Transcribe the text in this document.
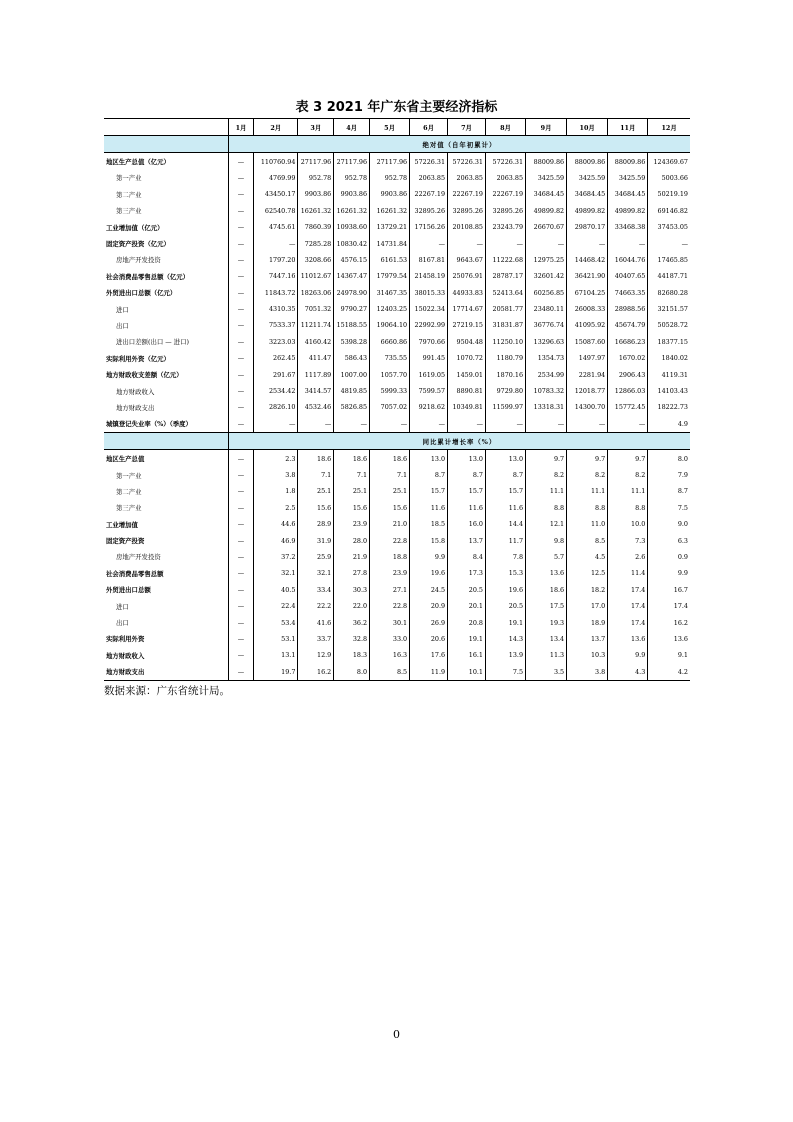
表 3 2021 年广东省主要经济指标
	1月	2月	3月	4月	5月	6月	7月	8月	9月	10月	11月	12月
	绝对值（自年初累计）											
地区生产总值（亿元）	—	110760.94	27117.96	27117.96	27117.96	57226.31	57226.31	57226.31	88009.86	88009.86	88009.86	124369.67
第一产业	—	4769.99	952.78	952.78	952.78	2063.85	2063.85	2063.85	3425.59	3425.59	3425.59	5003.66
第二产业	—	43450.17	9903.86	9903.86	9903.86	22267.19	22267.19	22267.19	34684.45	34684.45	34684.45	50219.19
第三产业	—	62540.78	16261.32	16261.32	16261.32	32895.26	32895.26	32895.26	49899.82	49899.82	49899.82	69146.82
工业增加值（亿元）	—	4745.61	7860.39	10938.60	13729.21	17156.26	20108.85	23243.79	26670.67	29870.17	33468.38	37453.05
固定资产投资（亿元）	—	—	7285.28	10830.42	14731.84	—	—	—	—	—	—	—
房地产开发投资	—	1797.20	3208.66	4576.15	6161.53	8167.81	9643.67	11222.68	12975.25	14468.42	16044.76	17465.85
社会消费品零售总额（亿元）	—	7447.16	11012.67	14367.47	17979.54	21458.19	25076.91	28787.17	32601.42	36421.90	40407.65	44187.71
外贸进出口总额（亿元）	—	11843.72	18263.06	24978.90	31467.35	38015.33	44933.83	52413.64	60256.85	67104.25	74663.35	82680.28
进口	—	4310.35	7051.32	9790.27	12403.25	15022.34	17714.67	20581.77	23480.11	26008.33	28988.56	32151.57
出口	—	7533.37	11211.74	15188.55	19064.10	22992.99	27219.15	31831.87	36776.74	41095.92	45674.79	50528.72
进出口差额(出口 — 进口)	—	3223.03	4160.42	5398.28	6660.86	7970.66	9504.48	11250.10	13296.63	15087.60	16686.23	18377.15
实际利用外资（亿元）	—	262.45	411.47	586.43	735.55	991.45	1070.72	1180.79	1354.73	1497.97	1670.02	1840.02
地方财政收支差额（亿元）	—	291.67	1117.89	1007.00	1057.70	1619.05	1459.01	1870.16	2534.99	2281.94	2906.43	4119.31
地方财政收入	—	2534.42	3414.57	4819.85	5999.33	7599.57	8890.81	9729.80	10783.32	12018.77	12866.03	14103.43
地方财政支出	—	2826.10	4532.46	5826.85	7057.02	9218.62	10349.81	11599.97	13318.31	14300.70	15772.45	18222.73
城镇登记失业率（%）（季度）	—	—	—	—	—	—	—	—	—	—	—	4.9
	同比累计增长率（%）											
地区生产总值	—	2.3	18.6	18.6	18.6	13.0	13.0	13.0	9.7	9.7	9.7	8.0
第一产业	—	3.8	7.1	7.1	7.1	8.7	8.7	8.7	8.2	8.2	8.2	7.9
第二产业	—	1.8	25.1	25.1	25.1	15.7	15.7	15.7	11.1	11.1	11.1	8.7
第三产业	—	2.5	15.6	15.6	15.6	11.6	11.6	11.6	8.8	8.8	8.8	7.5
工业增加值	—	44.6	28.9	23.9	21.0	18.5	16.0	14.4	12.1	11.0	10.0	9.0
固定资产投资	—	46.9	31.9	28.0	22.8	15.8	13.7	11.7	9.8	8.5	7.3	6.3
房地产开发投资	—	37.2	25.9	21.9	18.8	9.9	8.4	7.8	5.7	4.5	2.6	0.9
社会消费品零售总额	—	32.1	32.1	27.8	23.9	19.6	17.3	15.3	13.6	12.5	11.4	9.9
外贸进出口总额	—	40.5	33.4	30.3	27.1	24.5	20.5	19.6	18.6	18.2	17.4	16.7
进口	—	22.4	22.2	22.0	22.8	20.9	20.1	20.5	17.5	17.0	17.4	17.4
出口	—	53.4	41.6	36.2	30.1	26.9	20.8	19.1	19.3	18.9	17.4	16.2
实际利用外资	—	53.1	33.7	32.8	33.0	20.6	19.1	14.3	13.4	13.7	13.6	13.6
地方财政收入	—	13.1	12.9	18.3	16.3	17.6	16.1	13.9	11.3	10.3	9.9	9.1
地方财政支出	—	19.7	16.2	8.0	8.5	11.9	10.1	7.5	3.5	3.8	4.3	4.2
数据来源：广东省统计局。
0
